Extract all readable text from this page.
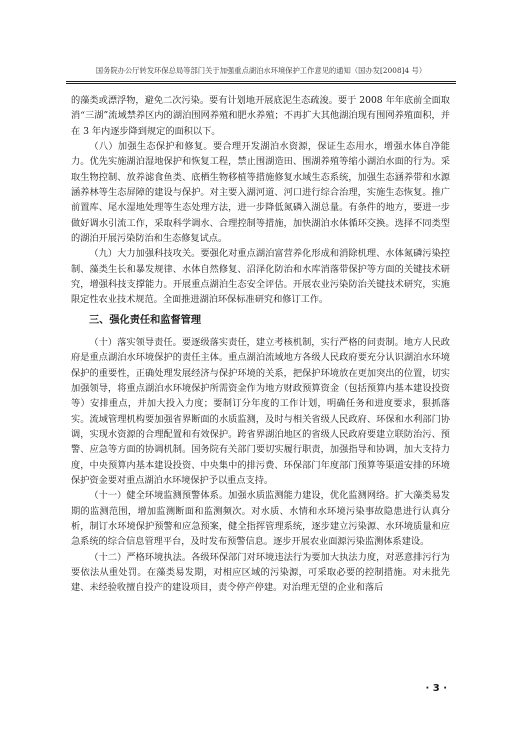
国务院办公厅转发环保总局等部门关于加强重点湖泊水环境保护工作意见的通知（国办发[2008]4 号）

的藻类或漂浮物，避免二次污染。要有计划地开展底泥生态疏浚。要于 2008 年年底前全面取消“三湖”流域禁养区内的湖泊围网养殖和肥水养殖；不再扩大其他湖泊现有围网养殖面积，并在 3 年内逐步降到规定的面积以下。

（八）加强生态保护和修复。要合理开发湖泊水资源，保证生态用水，增强水体自净能力。优先实施湖泊湿地保护和恢复工程，禁止围湖造田、围湖养殖等缩小湖泊水面的行为。采取生物控制、放养滤食鱼类、底栖生物移植等措施修复水域生态系统，加强生态涵养带和水源涵养林等生态屏障的建设与保护。对主要入湖河道、河口进行综合治理，实施生态恢复。推广前置库、尾水湿地处理等生态处理方法，进一步降低氮磷入湖总量。有条件的地方，要进一步做好调水引流工作，采取科学调水、合理控制等措施，加快湖泊水体循环交换。选择不同类型的湖泊开展污染防治和生态修复试点。

（九）大力加强科技攻关。要强化对重点湖泊富营养化形成和消除机理、水体氮磷污染控制、藻类生长和暴发规律、水体自然修复、沼泽化防治和水库消落带保护等方面的关键技术研究，增强科技支撑能力。开展重点湖泊生态安全评估。开展农业污染防治关键技术研究，实施限定性农业技术规范。全面推进湖泊环保标准研究和修订工作。

三、强化责任和监督管理

（十）落实领导责任。要逐级落实责任，建立考核机制，实行严格的问责制。地方人民政府是重点湖泊水环境保护的责任主体。重点湖泊流域地方各级人民政府要充分认识湖泊水环境保护的重要性，正确处理发展经济与保护环境的关系，把保护环境放在更加突出的位置，切实加强领导，将重点湖泊水环境保护所需资金作为地方财政预算资金（包括预算内基本建设投资等）安排重点，并加大投入力度；要制订分年度的工作计划，明确任务和进度要求，狠抓落实。流域管理机构要加强省界断面的水质监测，及时与相关省级人民政府、环保和水利部门协调，实现水资源的合理配置和有效保护。跨省界湖泊地区的省级人民政府要建立联防治污、预警、应急等方面的协调机制。国务院有关部门要切实履行职责，加强指导和协调，加大支持力度，中央预算内基本建设投资、中央集中的排污费、环保部门年度部门预算等渠道安排的环境保护资金要对重点湖泊水环境保护予以重点支持。

（十一）健全环境监测预警体系。加强水质监测能力建设，优化监测网络。扩大藻类易发期的监测范围，增加监测断面和监测频次。对水质、水情和水环境污染事故隐患进行认真分析，制订水环境保护预警和应急预案，健全指挥管理系统，逐步建立污染源、水环境质量和应急系统的综合信息管理平台，及时发布预警信息。逐步开展农业面源污染监测体系建设。

（十二）严格环境执法。各级环保部门对环境违法行为要加大执法力度，对恶意排污行为要依法从重处罚。在藻类易发期，对相应区域的污染源，可采取必要的控制措施。对未批先建、未经验收擅自投产的建设项目，责令停产停建。对治理无望的企业和落后

· 3 ·
